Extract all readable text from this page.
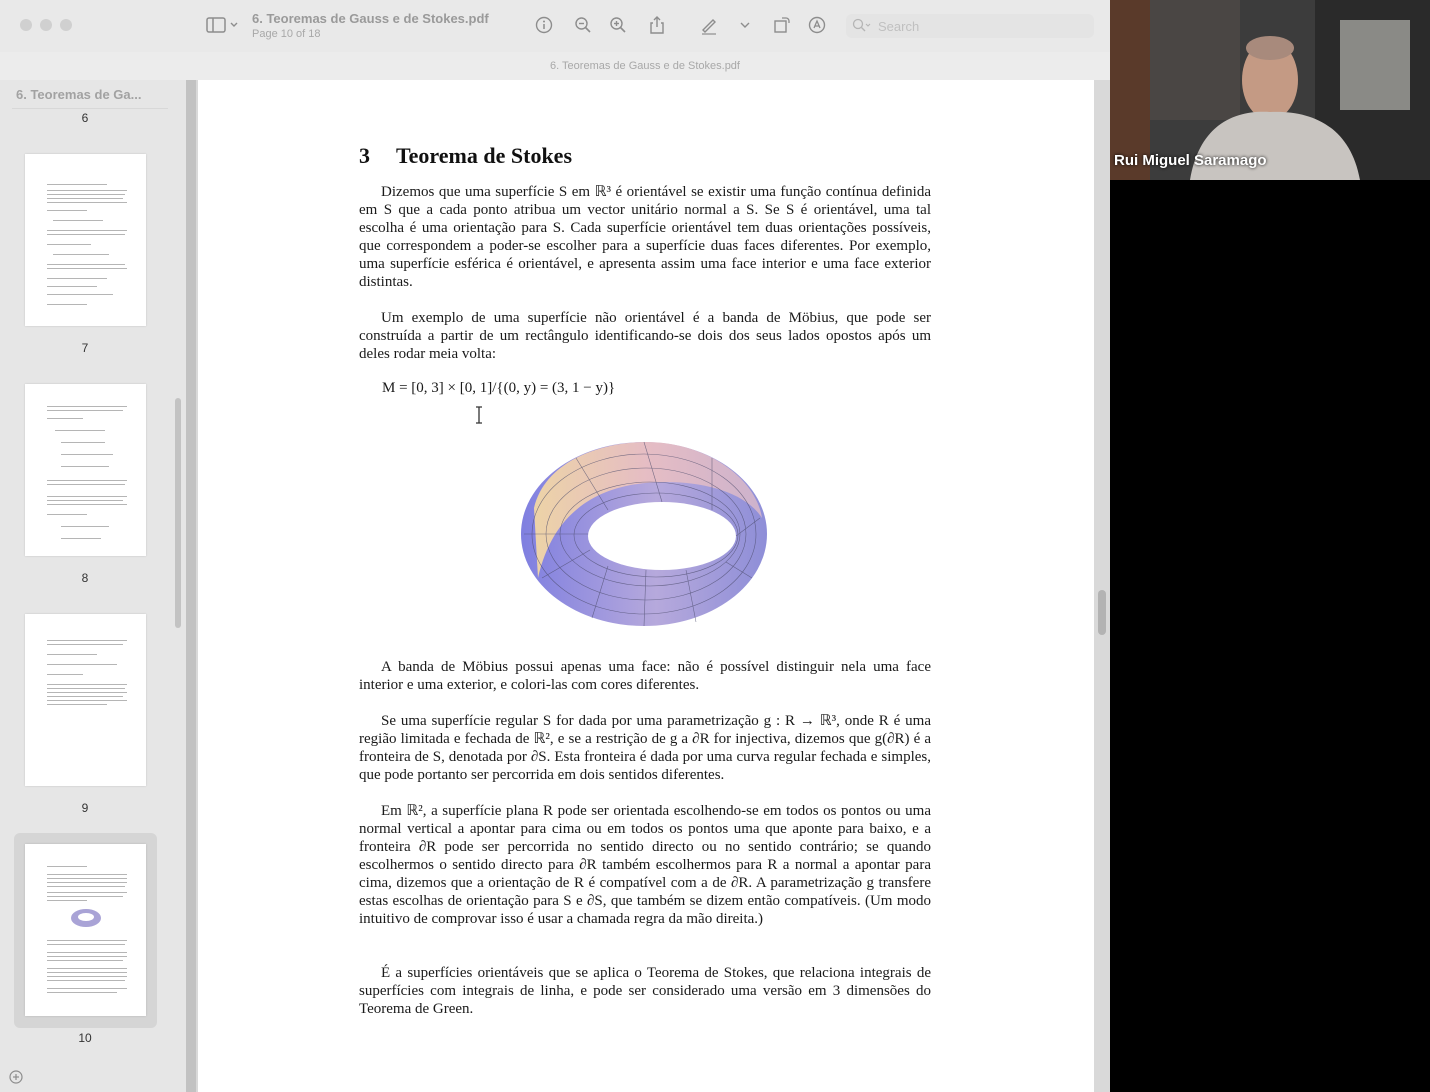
6. Teoremas de Gauss e de Stokes.pdf
Page 10 of 18	Search
6. Teoremas de Gauss e de Stokes.pdf
6. Teoremas de Ga...
6
7
8
9
10
3 Teorema de Stokes

Dizemos que uma superfície S em ℝ³ é orientável se existir uma função contínua definida em S que a cada ponto atribua um vector unitário normal a S. Se S é orientável, uma tal escolha é uma orientação para S. Cada superfície orientável tem duas orientações possíveis, que correspondem a poder-se escolher para a superfície duas faces diferentes. Por exemplo, uma superfície esférica é orientável, e apresenta assim uma face interior e uma face exterior distintas.

Um exemplo de uma superfície não orientável é a banda de Möbius, que pode ser construída a partir de um rectângulo identificando-se dois dos seus lados opostos após um deles rodar meia volta:

M = [0, 3] × [0, 1]/{(0, y) = (3, 1 − y)}

A banda de Möbius possui apenas uma face: não é possível distinguir nela uma face interior e uma exterior, e colori-las com cores diferentes.

Se uma superfície regular S for dada por uma parametrização g : R → ℝ³, onde R é uma região limitada e fechada de ℝ², e se a restrição de g a ∂R for injectiva, dizemos que g(∂R) é a fronteira de S, denotada por ∂S. Esta fronteira é dada por uma curva regular fechada e simples, que pode portanto ser percorrida em dois sentidos diferentes.

Em ℝ², a superfície plana R pode ser orientada escolhendo-se em todos os pontos ou uma normal vertical a apontar para cima ou em todos os pontos uma que aponte para baixo, e a fronteira ∂R pode ser percorrida no sentido directo ou no sentido contrário; se quando escolhermos o sentido directo para ∂R também escolhermos para R a normal a apontar para cima, dizemos que a orientação de R é compatível com a de ∂R. A parametrização g transfere estas escolhas de orientação para S e ∂S, que também se dizem então compatíveis. (Um modo intuitivo de comprovar isso é usar a chamada regra da mão direita.)

É a superfícies orientáveis que se aplica o Teorema de Stokes, que relaciona integrais de superfícies com integrais de linha, e pode ser considerado uma versão em 3 dimensões do Teorema de Green.

Rui Miguel Saramago
